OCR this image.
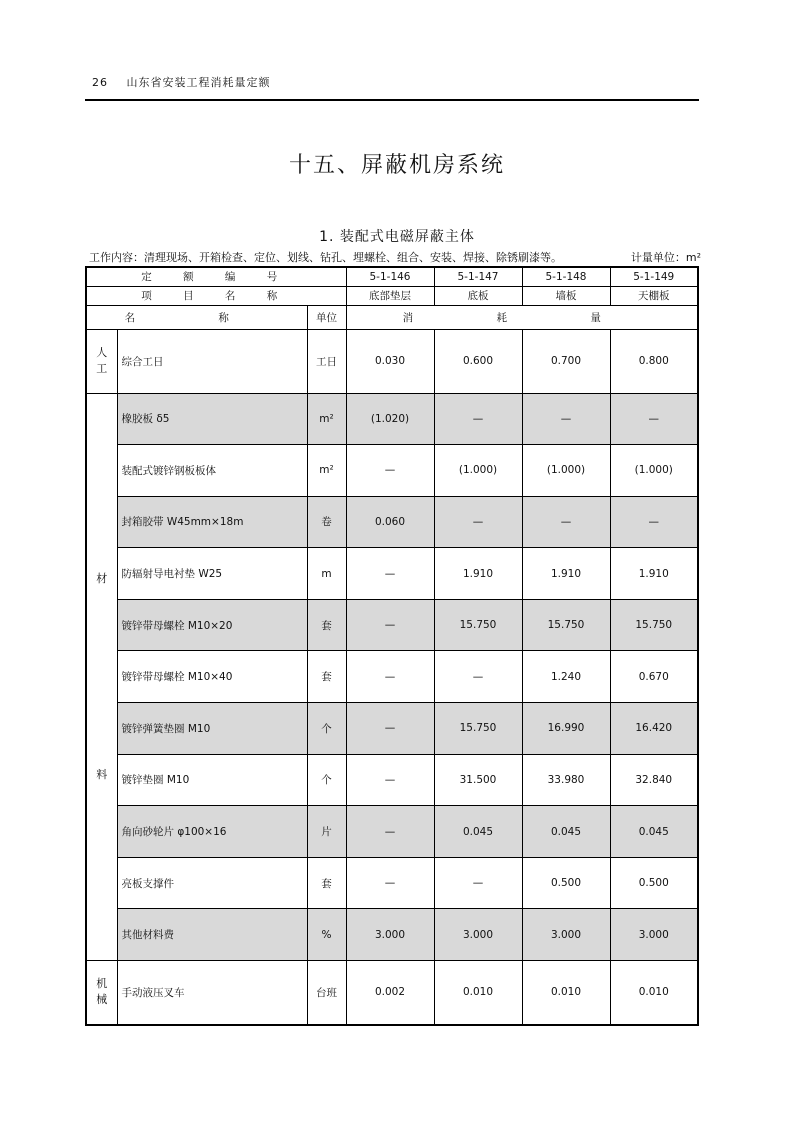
26 山东省安装工程消耗量定额
十五、屏蔽机房系统
1. 装配式电磁屏蔽主体
工作内容：清理现场、开箱检查、定位、划线、钻孔、埋螺栓、组合、安装、焊接、除锈刷漆等。	计量单位：m²
定 额 编 号			5-1-146	5-1-147	5-1-148	5-1-149
项 目 名 称			底部垫层	底板	墙板	天棚板
名 称		单位	消 耗 量			

人
工	综合工日	工日	0.030	0.600	0.700	0.800

材
料	橡胶板 δ5	m²	(1.020)	—	—	—
	装配式镀锌钢板板体	m²	—	(1.000)	(1.000)	(1.000)
	封箱胶带 W45mm×18m	卷	0.060	—	—	—
	防辐射导电衬垫 W25	m	—	1.910	1.910	1.910
	镀锌带母螺栓 M10×20	套	—	15.750	15.750	15.750
	镀锌带母螺栓 M10×40	套	—	—	1.240	0.670
	镀锌弹簧垫圈 M10	个	—	15.750	16.990	16.420
	镀锌垫圈 M10	个	—	31.500	33.980	32.840
	角向砂轮片 φ100×16	片	—	0.045	0.045	0.045
	亮板支撑件	套	—	—	0.500	0.500
	其他材料费	%	3.000	3.000	3.000	3.000

机
械	手动液压叉车	台班	0.002	0.010	0.010	0.010
